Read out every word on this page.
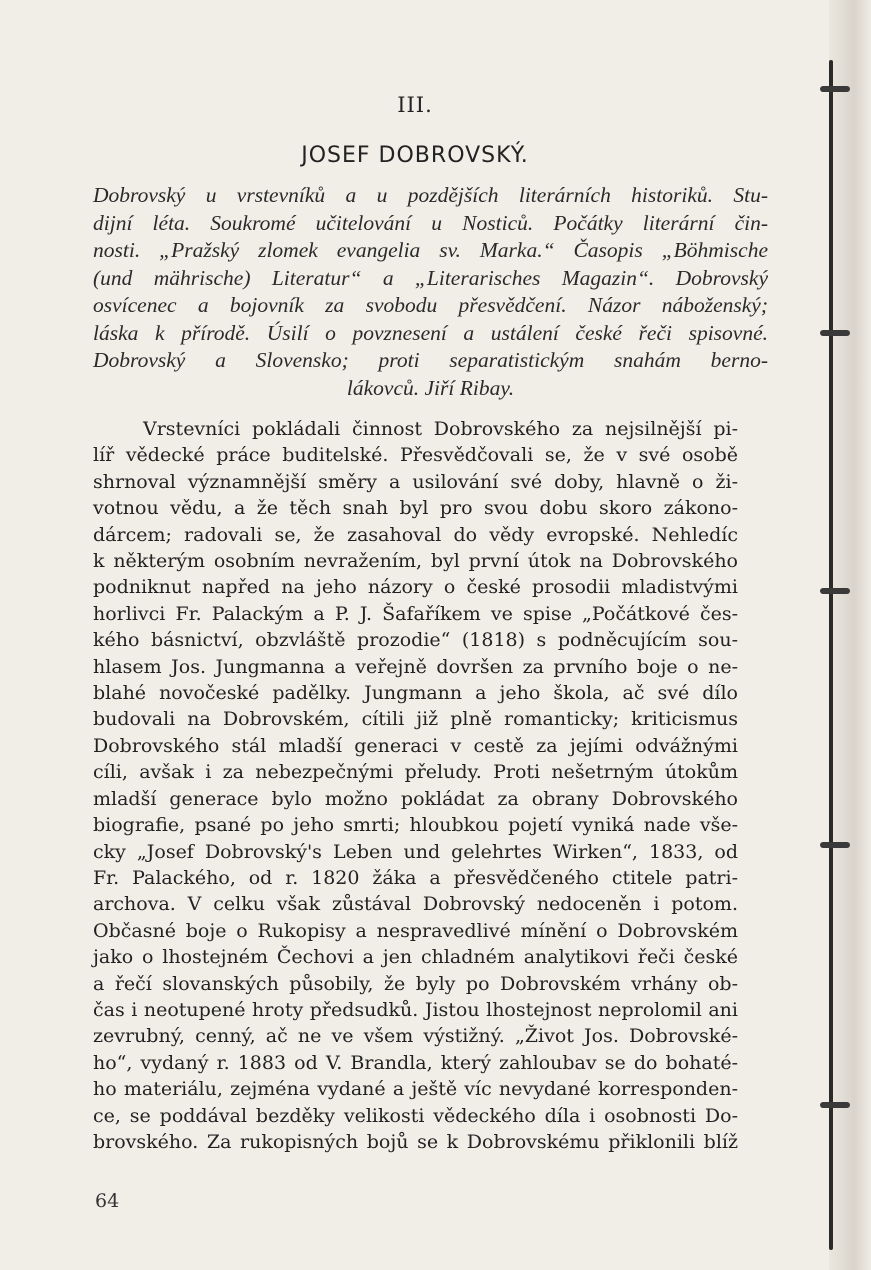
III.
JOSEF DOBROVSKÝ.
Dobrovský u vrstevníků a u pozdějších literárních historiků. Stu-
dijní léta. Soukromé učitelování u Nosticů. Počátky literární čin-
nosti. „Pražský zlomek evangelia sv. Marka.“ Časopis „Böhmische
(und mährische) Literatur“ a „Literarisches Magazin“. Dobrovský
osvícenec a bojovník za svobodu přesvědčení. Názor náboženský;
láska k přírodě. Úsilí o povznesení a ustálení české řeči spisovné.
Dobrovský a Slovensko; proti separatistickým snahám berno-
lákovců. Jiří Ribay.
Vrstevníci pokládali činnost Dobrovského za nejsilnější pi-
líř vědecké práce buditelské. Přesvědčovali se, že v své osobě
shrnoval významnější směry a usilování své doby, hlavně o ži-
votnou vědu, a že těch snah byl pro svou dobu skoro zákono-
dárcem; radovali se, že zasahoval do vědy evropské. Nehledíc
k některým osobním nevražením, byl první útok na Dobrovského
podniknut napřed na jeho názory o české prosodii mladistvými
horlivci Fr. Palackým a P. J. Šafaříkem ve spise „Počátkové čes-
kého básnictví, obzvláště prozodie“ (1818) s podněcujícím sou-
hlasem Jos. Jungmanna a veřejně dovršen za prvního boje o ne-
blahé novočeské padělky. Jungmann a jeho škola, ač své dílo
budovali na Dobrovském, cítili již plně romanticky; kriticismus
Dobrovského stál mladší generaci v cestě za jejími odvážnými
cíli, avšak i za nebezpečnými přeludy. Proti nešetrným útokům
mladší generace bylo možno pokládat za obrany Dobrovského
biografie, psané po jeho smrti; hloubkou pojetí vyniká nade vše-
cky „Josef Dobrovský's Leben und gelehrtes Wirken“, 1833, od
Fr. Palackého, od r. 1820 žáka a přesvědčeného ctitele patri-
archova. V celku však zůstával Dobrovský nedoceněn i potom.
Občasné boje o Rukopisy a nespravedlivé mínění o Dobrovském
jako o lhostejném Čechovi a jen chladném analytikovi řeči české
a řečí slovanských působily, že byly po Dobrovském vrhány ob-
čas i neotupené hroty předsudků. Jistou lhostejnost neprolomil ani
zevrubný, cenný, ač ne ve všem výstižný. „Život Jos. Dobrovské-
ho“, vydaný r. 1883 od V. Brandla, který zahloubav se do bohaté-
ho materiálu, zejména vydané a ještě víc nevydané korresponden-
ce, se poddával bezděky velikosti vědeckého díla i osobnosti Do-
brovského. Za rukopisných bojů se k Dobrovskému přiklonili blíž
64
